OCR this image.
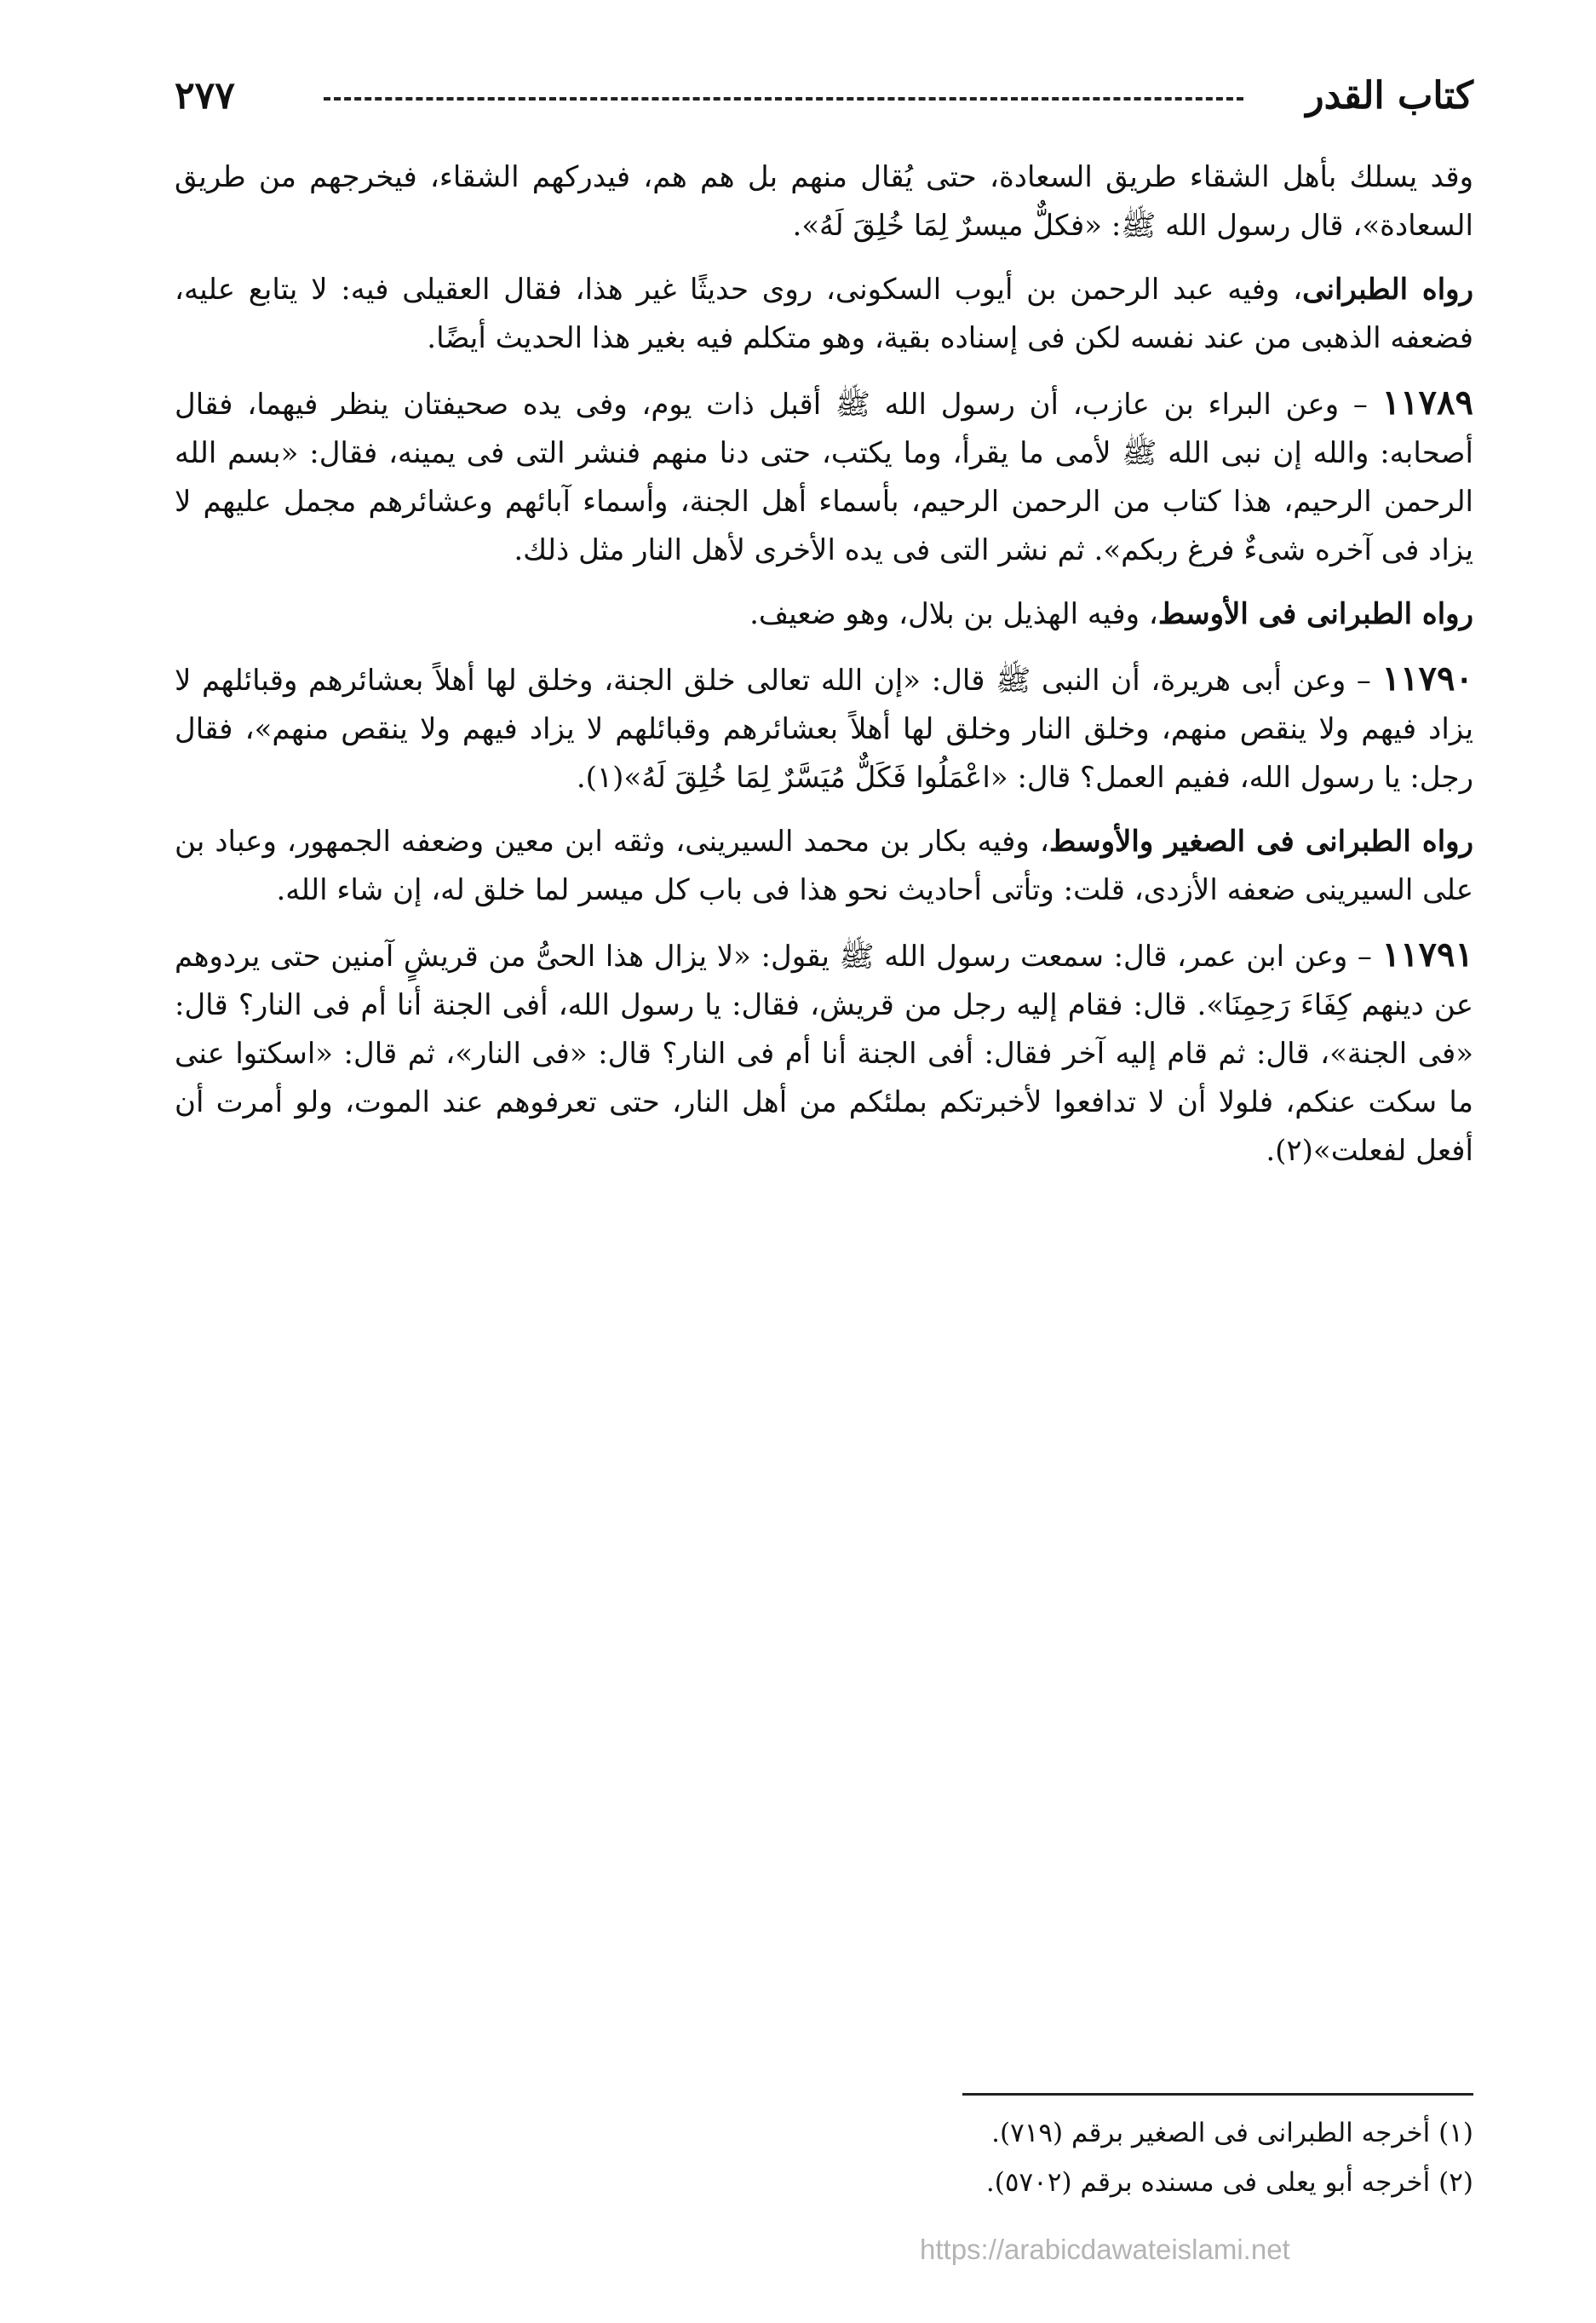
كتاب القدر
٢٧٧

وقد يسلك بأهل الشقاء طريق السعادة، حتى يُقال منهم بل هم هم، فيدركهم الشقاء، فيخرجهم من طريق السعادة»، قال رسول الله ﷺ: «فكلٌّ ميسرٌ لِمَا خُلِقَ لَهُ».

رواه الطبرانى، وفيه عبد الرحمن بن أيوب السكونى، روى حديثًا غير هذا، فقال العقيلى فيه: لا يتابع عليه، فضعفه الذهبى من عند نفسه لكن فى إسناده بقية، وهو متكلم فيه بغير هذا الحديث أيضًا.

١١٧٨٩ – وعن البراء بن عازب، أن رسول الله ﷺ أقبل ذات يوم، وفى يده صحيفتان ينظر فيهما، فقال أصحابه: والله إن نبى الله ﷺ لأمى ما يقرأ، وما يكتب، حتى دنا منهم فنشر التى فى يمينه، فقال: «بسم الله الرحمن الرحيم، هذا كتاب من الرحمن الرحيم، بأسماء أهل الجنة، وأسماء آبائهم وعشائرهم مجمل عليهم لا يزاد فى آخره شىءٌ فرغ ربكم». ثم نشر التى فى يده الأخرى لأهل النار مثل ذلك.

رواه الطبرانى فى الأوسط، وفيه الهذيل بن بلال، وهو ضعيف.

١١٧٩٠ – وعن أبى هريرة، أن النبى ﷺ قال: «إن الله تعالى خلق الجنة، وخلق لها أهلاً بعشائرهم وقبائلهم لا يزاد فيهم ولا ينقص منهم، وخلق النار وخلق لها أهلاً بعشائرهم وقبائلهم لا يزاد فيهم ولا ينقص منهم»، فقال رجل: يا رسول الله، ففيم العمل؟ قال: «اعْمَلُوا فَكَلٌّ مُيَسَّرٌ لِمَا خُلِقَ لَهُ»(١).

رواه الطبرانى فى الصغير والأوسط، وفيه بكار بن محمد السيرينى، وثقه ابن معين وضعفه الجمهور، وعباد بن على السيرينى ضعفه الأزدى، قلت: وتأتى أحاديث نحو هذا فى باب كل ميسر لما خلق له، إن شاء الله.

١١٧٩١ – وعن ابن عمر، قال: سمعت رسول الله ﷺ يقول: «لا يزال هذا الحىُّ من قريشٍ آمنين حتى يردوهم عن دينهم كِفَاءَ رَحِمِنَا». قال: فقام إليه رجل من قريش، فقال: يا رسول الله، أفى الجنة أنا أم فى النار؟ قال: «فى الجنة»، قال: ثم قام إليه آخر فقال: أفى الجنة أنا أم فى النار؟ قال: «فى النار»، ثم قال: «اسكتوا عنى ما سكت عنكم، فلولا أن لا تدافعوا لأخبرتكم بملئكم من أهل النار، حتى تعرفوهم عند الموت، ولو أمرت أن أفعل لفعلت»(٢).

(١) أخرجه الطبرانى فى الصغير برقم (٧١٩).

(٢) أخرجه أبو يعلى فى مسنده برقم (٥٧٠٢).

https://arabicdawateislami.net
